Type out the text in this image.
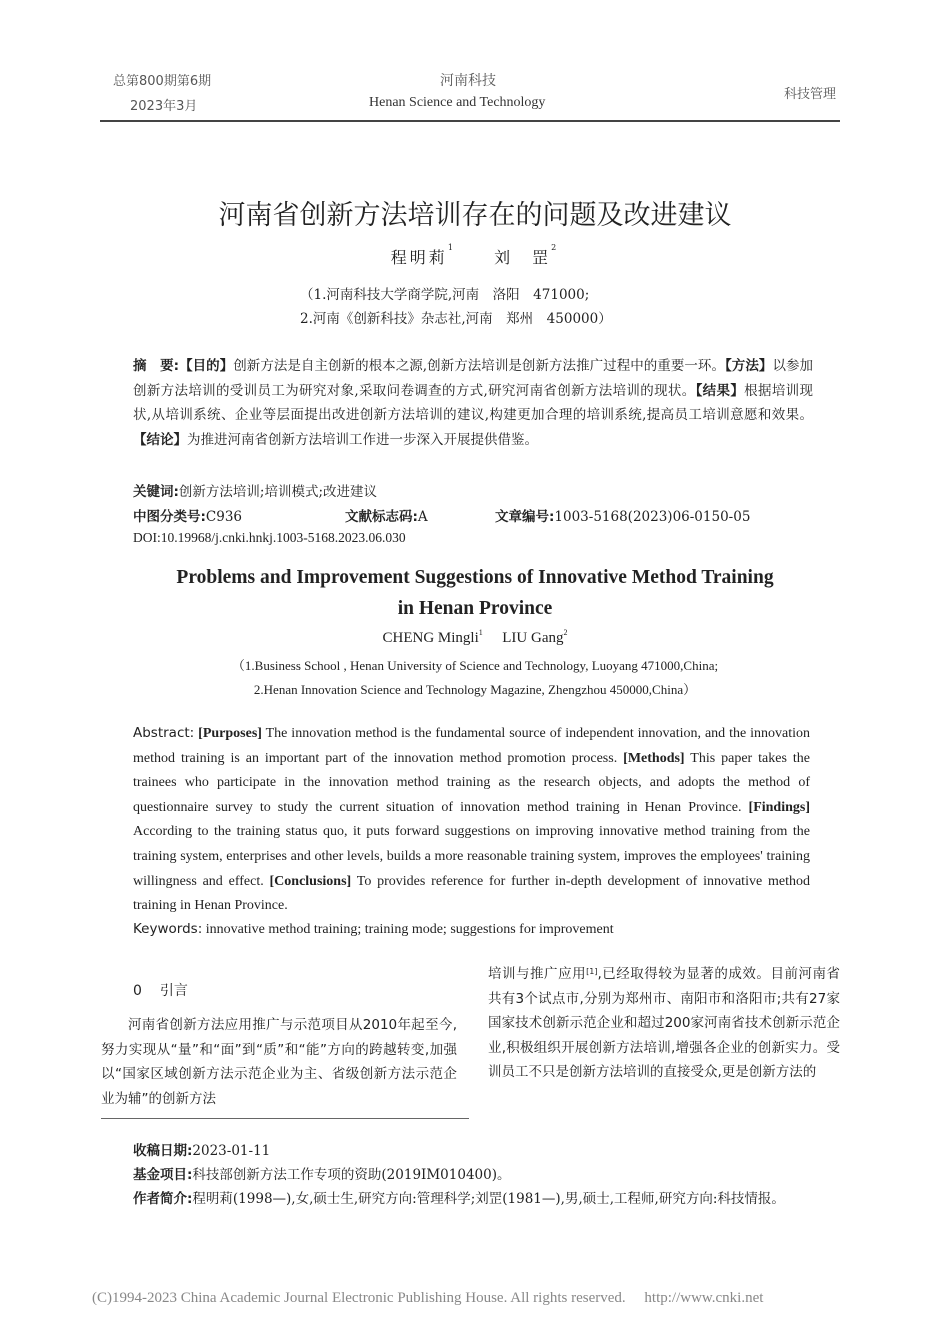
总第800期第6期
2023年3月
河南科技
Henan Science and Technology
科技管理
河南省创新方法培训存在的问题及改进建议
程明莉$^1$  刘　罡$^2$
（1.河南科技大学商学院,河南　洛阳　471000;
2.河南《创新科技》杂志社,河南　郑州　450000）
摘　要:【目的】创新方法是自主创新的根本之源,创新方法培训是创新方法推广过程中的重要一环。【方法】以参加创新方法培训的受训员工为研究对象,采取问卷调查的方式,研究河南省创新方法培训的现状。【结果】根据培训现状,从培训系统、企业等层面提出改进创新方法培训的建议,构建更加合理的培训系统,提高员工培训意愿和效果。【结论】为推进河南省创新方法培训工作进一步深入开展提供借鉴。
关键词:创新方法培训;培训模式;改进建议
中图分类号:C936	文献标志码:A	文章编号:1003-5168(2023)06-0150-05
DOI:10.19968/j.cnki.hnkj.1003-5168.2023.06.030
Problems and Improvement Suggestions of Innovative Method Training
in Henan Province
CHENG Mingli$^1$ LIU Gang$^2$
（1.Business School , Henan University of Science and Technology, Luoyang 471000,China;
2.Henan Innovation Science and Technology Magazine, Zhengzhou 450000,China）
Abstract: [Purposes] The innovation method is the fundamental source of independent innovation, and the innovation method training is an important part of the innovation method promotion process. [Methods] This paper takes the trainees who participate in the innovation method training as the research objects, and adopts the method of questionnaire survey to study the current situation of innovation method training in Henan Province. [Findings] According to the training status quo, it puts forward suggestions on improving innovative method training from the training system, enterprises and other levels, builds a more reasonable training system, improves the employees' training willingness and effect. [Conclusions] To provides reference for further in-depth development of innovative method training in Henan Province.
Keywords: innovative method training; training mode; suggestions for improvement
0 引言

河南省创新方法应用推广与示范项目从2010年起至今,努力实现从“量”和“面”到“质”和“能”方向的跨越转变,加强以“国家区域创新方法示范企业为主、省级创新方法示范企业为辅”的创新方法

培训与推广应用[1],已经取得较为显著的成效。目前河南省共有3个试点市,分别为郑州市、南阳市和洛阳市;共有27家国家技术创新示范企业和超过200家河南省技术创新示范企业,积极组织开展创新方法培训,增强各企业的创新实力。受训员工不只是创新方法培训的直接受众,更是创新方法的

收稿日期:2023-01-11
基金项目:科技部创新方法工作专项的资助(2019IM010400)。
作者简介:程明莉(1998—),女,硕士生,研究方向:管理科学;刘罡(1981—),男,硕士,工程师,研究方向:科技情报。
(C)1994-2023 China Academic Journal Electronic Publishing House. All rights reserved.　 http://www.cnki.net
